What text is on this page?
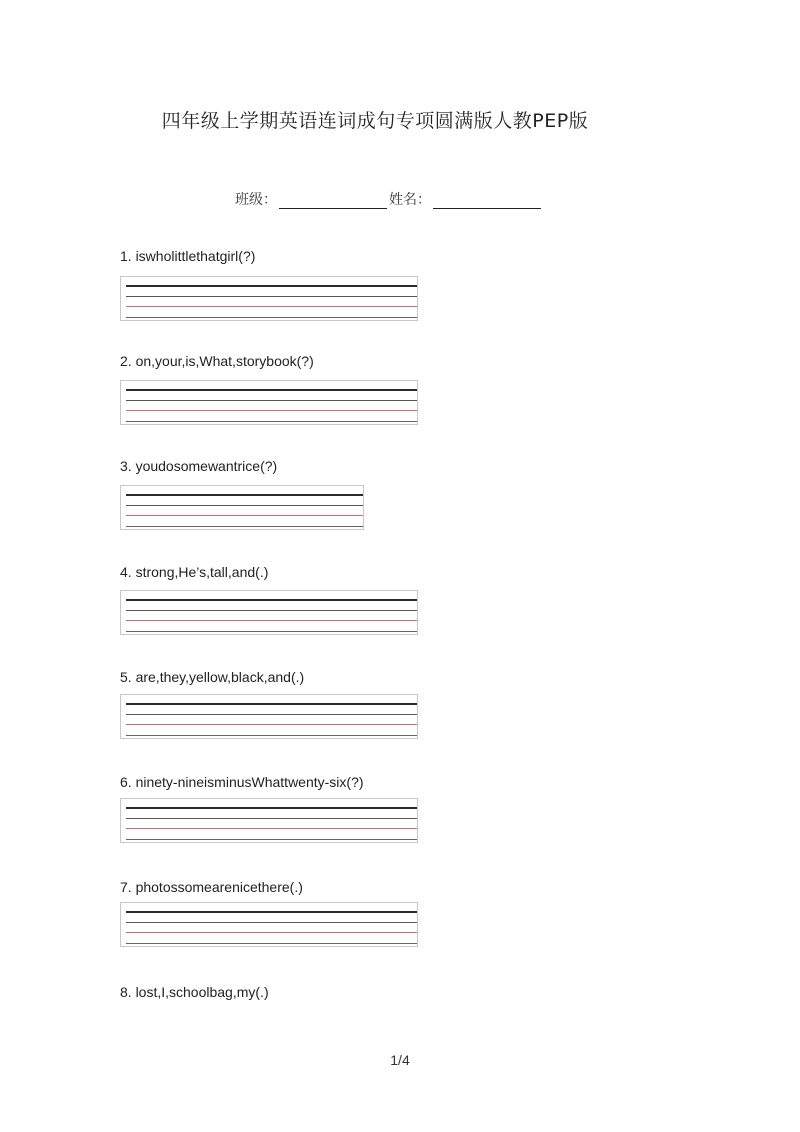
四年级上学期英语连词成句专项圆满版人教PEP版
班级：	姓名：
1. iswholittlethatgirl(?)
2. on,your,is,What,storybook(?)
3. youdosomewantrice(?)
4. strong,He’s,tall,and(.)
5. are,they,yellow,black,and(.)
6. ninety-nineisminusWhattwenty-six(?)
7. photossomearenicethere(.)
8. lost,I,schoolbag,my(.)
1/4
